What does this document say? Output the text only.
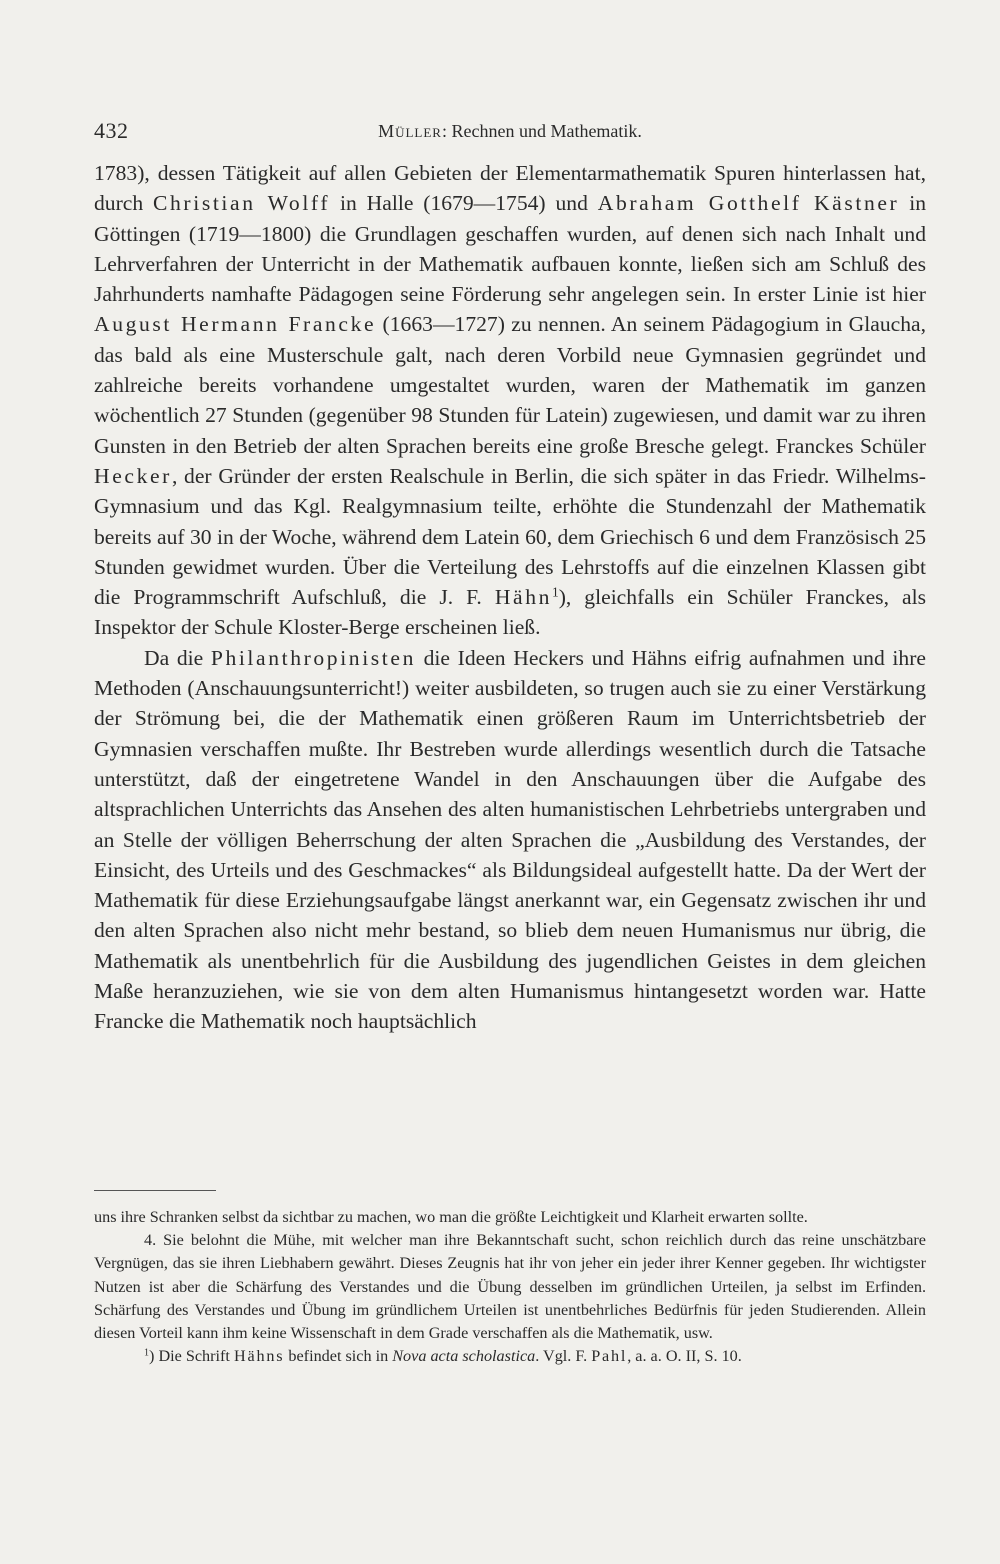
432	Müller: Rechnen und Mathematik.

1783), dessen Tätigkeit auf allen Gebieten der Elementarmathematik Spuren hinterlassen hat, durch Christian Wolff in Halle (1679—1754) und Abraham Gotthelf Kästner in Göttingen (1719—1800) die Grundlagen geschaffen wurden, auf denen sich nach Inhalt und Lehrverfahren der Unterricht in der Mathematik aufbauen konnte, ließen sich am Schluß des Jahrhunderts namhafte Pädagogen seine Förderung sehr angelegen sein. In erster Linie ist hier August Hermann Francke (1663—1727) zu nennen. An seinem Pädagogium in Glaucha, das bald als eine Musterschule galt, nach deren Vorbild neue Gymnasien gegründet und zahlreiche bereits vorhandene umgestaltet wurden, waren der Mathematik im ganzen wöchentlich 27 Stunden (gegenüber 98 Stunden für Latein) zugewiesen, und damit war zu ihren Gunsten in den Betrieb der alten Sprachen bereits eine große Bresche gelegt. Franckes Schüler Hecker, der Gründer der ersten Realschule in Berlin, die sich später in das Friedr. Wilhelms-Gymnasium und das Kgl. Realgymnasium teilte, erhöhte die Stundenzahl der Mathematik bereits auf 30 in der Woche, während dem Latein 60, dem Griechisch 6 und dem Französisch 25 Stunden gewidmet wurden. Über die Verteilung des Lehrstoffs auf die einzelnen Klassen gibt die Programmschrift Aufschluß, die J. F. Hähn$^1$), gleichfalls ein Schüler Franckes, als Inspektor der Schule Kloster-Berge erscheinen ließ.

Da die Philanthropinisten die Ideen Heckers und Hähns eifrig aufnahmen und ihre Methoden (Anschauungsunterricht!) weiter ausbildeten, so trugen auch sie zu einer Verstärkung der Strömung bei, die der Mathematik einen größeren Raum im Unterrichtsbetrieb der Gymnasien verschaffen mußte. Ihr Bestreben wurde allerdings wesentlich durch die Tatsache unterstützt, daß der eingetretene Wandel in den Anschauungen über die Aufgabe des altsprachlichen Unterrichts das Ansehen des alten humanistischen Lehrbetriebs untergraben und an Stelle der völligen Beherrschung der alten Sprachen die „Ausbildung des Verstandes, der Einsicht, des Urteils und des Geschmackes“ als Bildungsideal aufgestellt hatte. Da der Wert der Mathematik für diese Erziehungsaufgabe längst anerkannt war, ein Gegensatz zwischen ihr und den alten Sprachen also nicht mehr bestand, so blieb dem neuen Humanismus nur übrig, die Mathematik als unentbehrlich für die Ausbildung des jugendlichen Geistes in dem gleichen Maße heranzuziehen, wie sie von dem alten Humanismus hintangesetzt worden war. Hatte Francke die Mathematik noch hauptsächlich

uns ihre Schranken selbst da sichtbar zu machen, wo man die größte Leichtigkeit und Klarheit erwarten sollte.

4. Sie belohnt die Mühe, mit welcher man ihre Bekanntschaft sucht, schon reichlich durch das reine unschätzbare Vergnügen, das sie ihren Liebhabern gewährt. Dieses Zeugnis hat ihr von jeher ein jeder ihrer Kenner gegeben. Ihr wichtigster Nutzen ist aber die Schärfung des Verstandes und die Übung desselben im gründlichen Urteilen, ja selbst im Erfinden. Schärfung des Verstandes und Übung im gründlichem Urteilen ist unentbehrliches Bedürfnis für jeden Studierenden. Allein diesen Vorteil kann ihm keine Wissenschaft in dem Grade verschaffen als die Mathematik, usw.

$^1$) Die Schrift Hähns befindet sich in Nova acta scholastica. Vgl. F. Pahl, a. a. O. II, S. 10.
